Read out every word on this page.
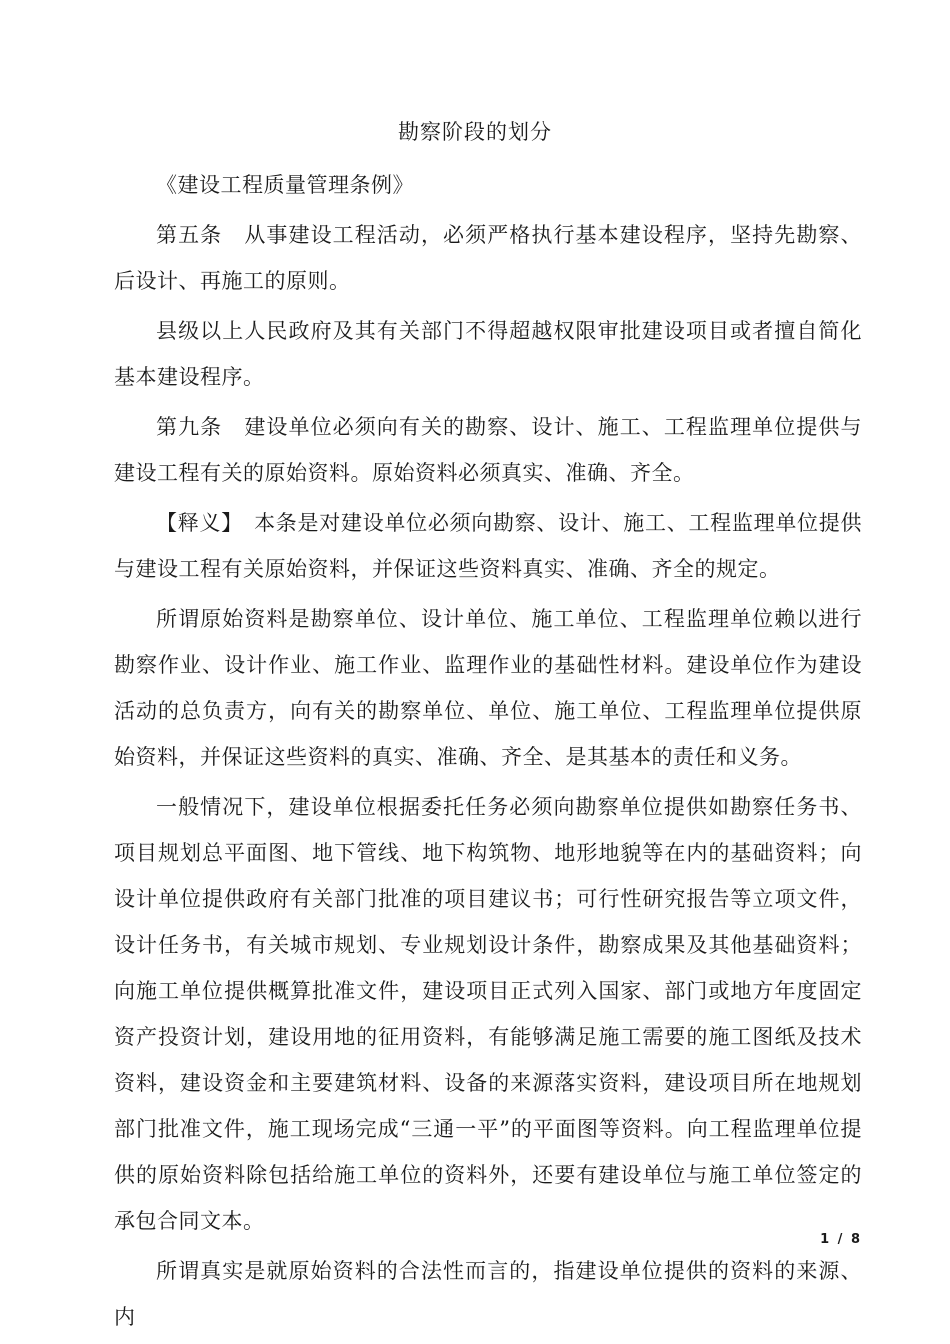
勘察阶段的划分

《建设工程质量管理条例》

第五条　从事建设工程活动，必须严格执行基本建设程序，坚持先勘察、后设计、再施工的原则。

县级以上人民政府及其有关部门不得超越权限审批建设项目或者擅自简化基本建设程序。

第九条　建设单位必须向有关的勘察、设计、施工、工程监理单位提供与建设工程有关的原始资料。原始资料必须真实、准确、齐全。

【释义】　本条是对建设单位必须向勘察、设计、施工、工程监理单位提供与建设工程有关原始资料，并保证这些资料真实、准确、齐全的规定。

所谓原始资料是勘察单位、设计单位、施工单位、工程监理单位赖以进行勘察作业、设计作业、施工作业、监理作业的基础性材料。建设单位作为建设活动的总负责方，向有关的勘察单位、单位、施工单位、工程监理单位提供原始资料，并保证这些资料的真实、准确、齐全、是其基本的责任和义务。

一般情况下，建设单位根据委托任务必须向勘察单位提供如勘察任务书、项目规划总平面图、地下管线、地下构筑物、地形地貌等在内的基础资料；向设计单位提供政府有关部门批准的项目建议书；可行性研究报告等立项文件，设计任务书，有关城市规划、专业规划设计条件，勘察成果及其他基础资料；向施工单位提供概算批准文件，建设项目正式列入国家、部门或地方年度固定资产投资计划，建设用地的征用资料，有能够满足施工需要的施工图纸及技术资料，建设资金和主要建筑材料、设备的来源落实资料，建设项目所在地规划部门批准文件，施工现场完成“三通一平”的平面图等资料。向工程监理单位提供的原始资料除包括给施工单位的资料外，还要有建设单位与施工单位签定的承包合同文本。

所谓真实是就原始资料的合法性而言的，指建设单位提供的资料的来源、内

1 / 8
